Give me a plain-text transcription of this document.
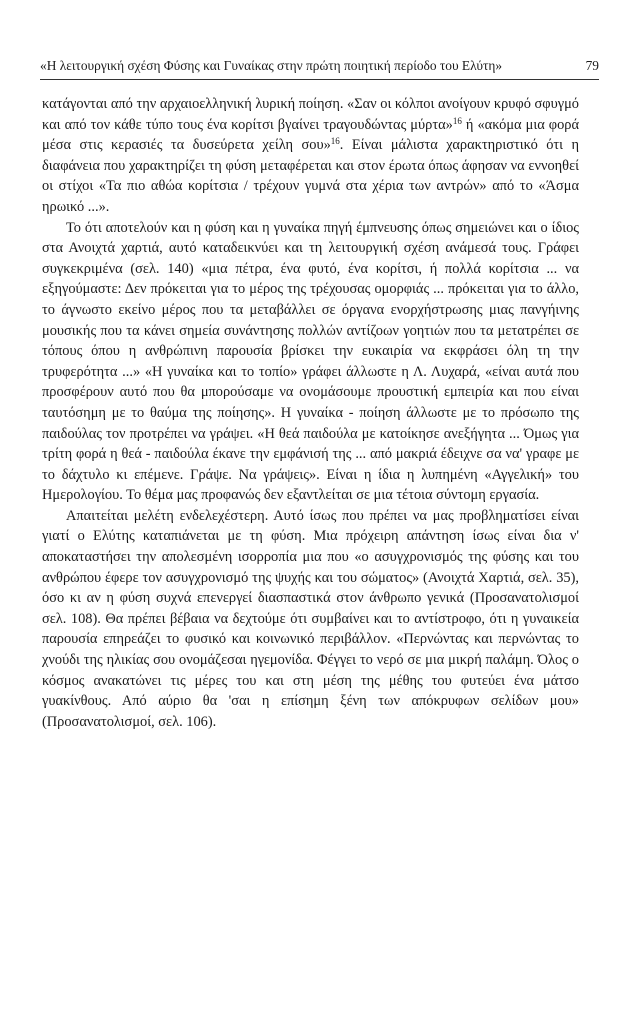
«Η λειτουργική σχέση Φύσης και Γυναίκας στην πρώτη ποιητική περίοδο του Ελύτη»	79

κατάγονται από την αρχαιοελληνική λυρική ποίηση. «Σαν οι κόλποι ανοίγουν κρυφό σφυγμό και από τον κάθε τύπο τους ένα κορίτσι βγαίνει τραγουδώντας μύρτα»$^{16}$ ή «ακόμα μια φορά μέσα στις κερασιές τα δυσεύρετα χείλη σου»$^{16}$. Είναι μάλιστα χαρακτηριστικό ότι η διαφάνεια που χαρακτηρίζει τη φύση μεταφέρεται και στον έρωτα όπως άφησαν να εννοηθεί οι στίχοι «Τα πιο αθώα κορίτσια / τρέχουν γυμνά στα χέρια των αντρών» από το «Άσμα ηρωικό ...».

Το ότι αποτελούν και η φύση και η γυναίκα πηγή έμπνευσης όπως σημειώνει και ο ίδιος στα Ανοιχτά χαρτιά, αυτό καταδεικνύει και τη λειτουργική σχέση ανάμεσά τους. Γράφει συγκεκριμένα (σελ. 140) «μια πέτρα, ένα φυτό, ένα κορίτσι, ή πολλά κορίτσια ... να εξηγούμαστε: Δεν πρόκειται για το μέρος της τρέχουσας ομορφιάς ... πρόκειται για το άλλο, το άγνωστο εκείνο μέρος που τα μεταβάλλει σε όργανα ενορχήστρωσης μιας πανγήινης μουσικής που τα κάνει σημεία συνάντησης πολλών αντίζοων γοητιών που τα μετατρέπει σε τόπους όπου η ανθρώπινη παρουσία βρίσκει την ευκαιρία να εκφράσει όλη τη την τρυφερότητα ...» «Η γυναίκα και το τοπίο» γράφει άλλωστε η Λ. Λυχαρά, «είναι αυτά που προσφέρουν αυτό που θα μπορούσαμε να ονομάσουμε προυστική εμπειρία και που είναι ταυτόσημη με το θαύμα της ποίησης». Η γυναίκα - ποίηση άλλωστε με το πρόσωπο της παιδούλας τον προτρέπει να γράψει. «Η θεά παιδούλα με κατοίκησε ανεξήγητα ... Όμως για τρίτη φορά η θεά - παιδούλα έκανε την εμφάνισή της ... από μακριά έδειχνε σα να' γραφε με το δάχτυλο κι επέμενε. Γράψε. Να γράψεις». Είναι η ίδια η λυπημένη «Αγγελική» του Ημερολογίου. Το θέμα μας προφανώς δεν εξαντλείται σε μια τέτοια σύντομη εργασία.

Απαιτείται μελέτη ενδελεχέστερη. Αυτό ίσως που πρέπει να μας προβληματίσει είναι γιατί ο Ελύτης καταπιάνεται με τη φύση. Μια πρόχειρη απάντηση ίσως είναι δια ν' αποκαταστήσει την απολεσμένη ισορροπία μια που «ο ασυγχρονισμός της φύσης και του ανθρώπου έφερε τον ασυγχρονισμό της ψυχής και του σώματος» (Ανοιχτά Χαρτιά, σελ. 35), όσο κι αν η φύση συχνά επενεργεί διασπαστικά στον άνθρωπο γενικά (Προσανατολισμοί σελ. 108). Θα πρέπει βέβαια να δεχτούμε ότι συμβαίνει και το αντίστροφο, ότι η γυναικεία παρουσία επηρεάζει το φυσικό και κοινωνικό περιβάλλον. «Περνώντας και περνώντας το χνούδι της ηλικίας σου ονομάζεσαι ηγεμονίδα. Φέγγει το νερό σε μια μικρή παλάμη. Όλος ο κόσμος ανακατώνει τις μέρες του και στη μέση της μέθης του φυτεύει ένα μάτσο γυακίνθους. Από αύριο θα 'σαι η επίσημη ξένη των απόκρυφων σελίδων μου» (Προσανατολισμοί, σελ. 106).
